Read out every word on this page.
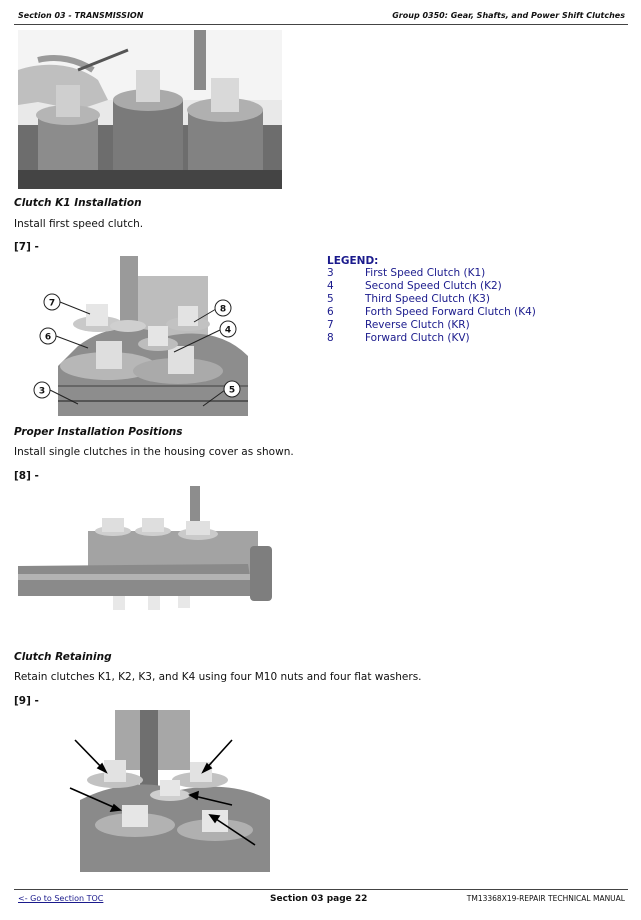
Section 03 - TRANSMISSION	Group 0350: Gear, Shafts, and Power Shift Clutches
Clutch K1 Installation
Install first speed clutch.
[7] -
7
6
3
8
4
5
LEGEND:
3	First Speed Clutch (K1)
4	Second Speed Clutch (K2)
5	Third Speed Clutch (K3)
6	Forth Speed Forward Clutch (K4)
7	Reverse Clutch (KR)
8	Forward Clutch (KV)
Proper Installation Positions
Install single clutches in the housing cover as shown.
[8] -
Clutch Retaining
Retain clutches K1, K2, K3, and K4 using four M10 nuts and four flat washers.
[9] -
<- Go to Section TOC	Section 03 page 22	TM13368X19-REPAIR TECHNICAL MANUAL
